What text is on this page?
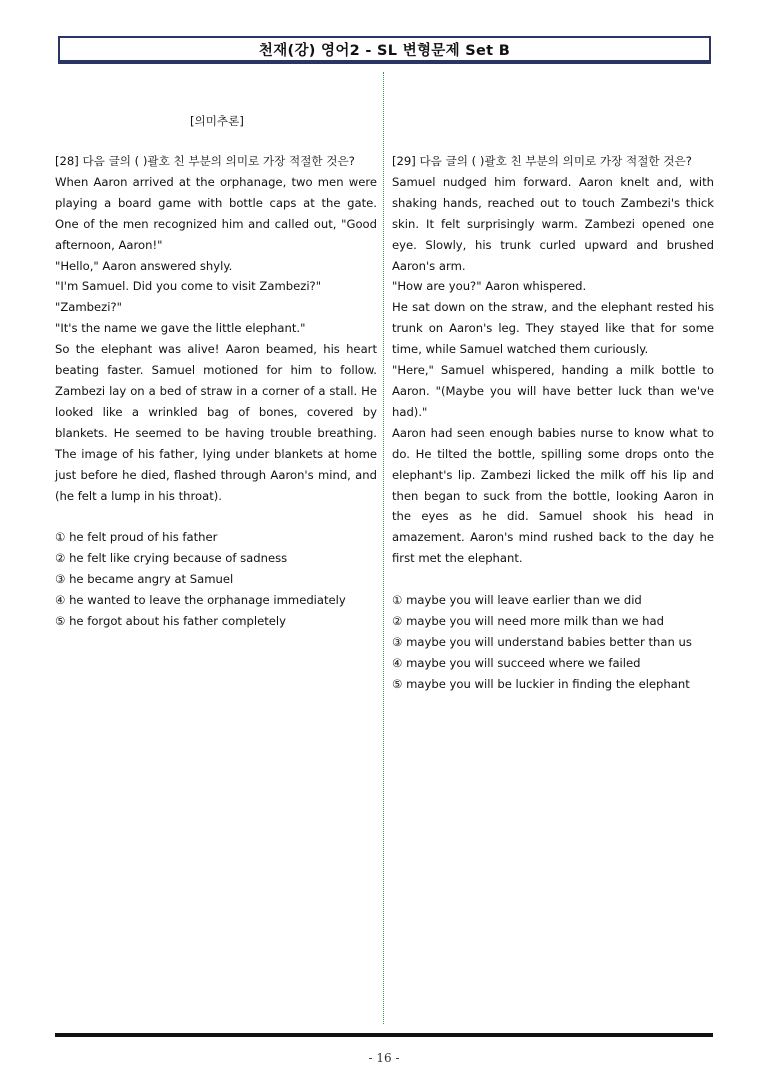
천재(강) 영어2 - SL 변형문제 Set B
[의미추론]
[28] 다음 글의 ( )괄호 친 부분의 의미로 가장 적절한 것은?

When Aaron arrived at the orphanage, two men were playing a board game with bottle caps at the gate. One of the men recognized him and called out, "Good afternoon, Aaron!"

"Hello," Aaron answered shyly.

"I'm Samuel. Did you come to visit Zambezi?"

"Zambezi?"

"It's the name we gave the little elephant."

So the elephant was alive! Aaron beamed, his heart beating faster. Samuel motioned for him to follow. Zambezi lay on a bed of straw in a corner of a stall. He looked like a wrinkled bag of bones, covered by blankets. He seemed to be having trouble breathing. The image of his father, lying under blankets at home just before he died, flashed through Aaron's mind, and (he felt a lump in his throat).

① he felt proud of his father
② he felt like crying because of sadness
③ he became angry at Samuel
④ he wanted to leave the orphanage immediately
⑤ he forgot about his father completely
[29] 다음 글의 ( )괄호 친 부분의 의미로 가장 적절한 것은?

Samuel nudged him forward. Aaron knelt and, with shaking hands, reached out to touch Zambezi's thick skin. It felt surprisingly warm. Zambezi opened one eye. Slowly, his trunk curled upward and brushed Aaron's arm.

"How are you?" Aaron whispered.

He sat down on the straw, and the elephant rested his trunk on Aaron's leg. They stayed like that for some time, while Samuel watched them curiously.

"Here," Samuel whispered, handing a milk bottle to Aaron. "(Maybe you will have better luck than we've had)."

Aaron had seen enough babies nurse to know what to do. He tilted the bottle, spilling some drops onto the elephant's lip. Zambezi licked the milk off his lip and then began to suck from the bottle, looking Aaron in the eyes as he did. Samuel shook his head in amazement. Aaron's mind rushed back to the day he first met the elephant.

① maybe you will leave earlier than we did
② maybe you will need more milk than we had
③ maybe you will understand babies better than us
④ maybe you will succeed where we failed
⑤ maybe you will be luckier in finding the elephant
- 16 -
